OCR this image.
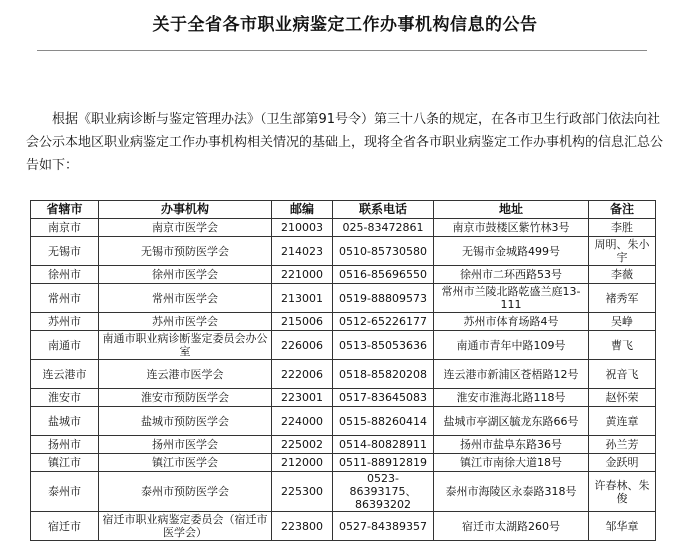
关于全省各市职业病鉴定工作办事机构信息的公告

根据《职业病诊断与鉴定管理办法》（卫生部第91号令）第三十八条的规定，在各市卫生行政部门依法向社会公示本地区职业病鉴定工作办事机构相关情况的基础上，现将全省各市职业病鉴定工作办事机构的信息汇总公告如下：

省辖市	办事机构	邮编	联系电话	地址	备注
南京市	南京市医学会	210003	025-83472861	南京市鼓楼区紫竹林3号	李胜
无锡市	无锡市预防医学会	214023	0510-85730580	无锡市金城路499号	周明、朱小宇
徐州市	徐州市医学会	221000	0516-85696550	徐州市二环西路53号	李薇
常州市	常州市医学会	213001	0519-88809573	常州市兰陵北路乾盛兰庭13-111	褚秀军
苏州市	苏州市医学会	215006	0512-65226177	苏州市体育场路4号	吴峥
南通市	南通市职业病诊断鉴定委员会办公室	226006	0513-85053636	南通市青年中路109号	曹飞
连云港市	连云港市医学会	222006	0518-85820208	连云港市新浦区苍梧路12号	祝音飞
淮安市	淮安市预防医学会	223001	0517-83645083	淮安市淮海北路118号	赵怀荣
盐城市	盐城市预防医学会	224000	0515-88260414	盐城市亭湖区毓龙东路66号	黄连章
扬州市	扬州市医学会	225002	0514-80828911	扬州市盐阜东路36号	孙兰芳
镇江市	镇江市医学会	212000	0511-88912819	镇江市南徐大道18号	金跃明
泰州市	泰州市预防医学会	225300	0523-86393175、86393202	泰州市海陵区永泰路318号	许春林、朱俊
宿迁市	宿迁市职业病鉴定委员会（宿迁市医学会）	223800	0527-84389357	宿迁市太湖路260号	邹华章
